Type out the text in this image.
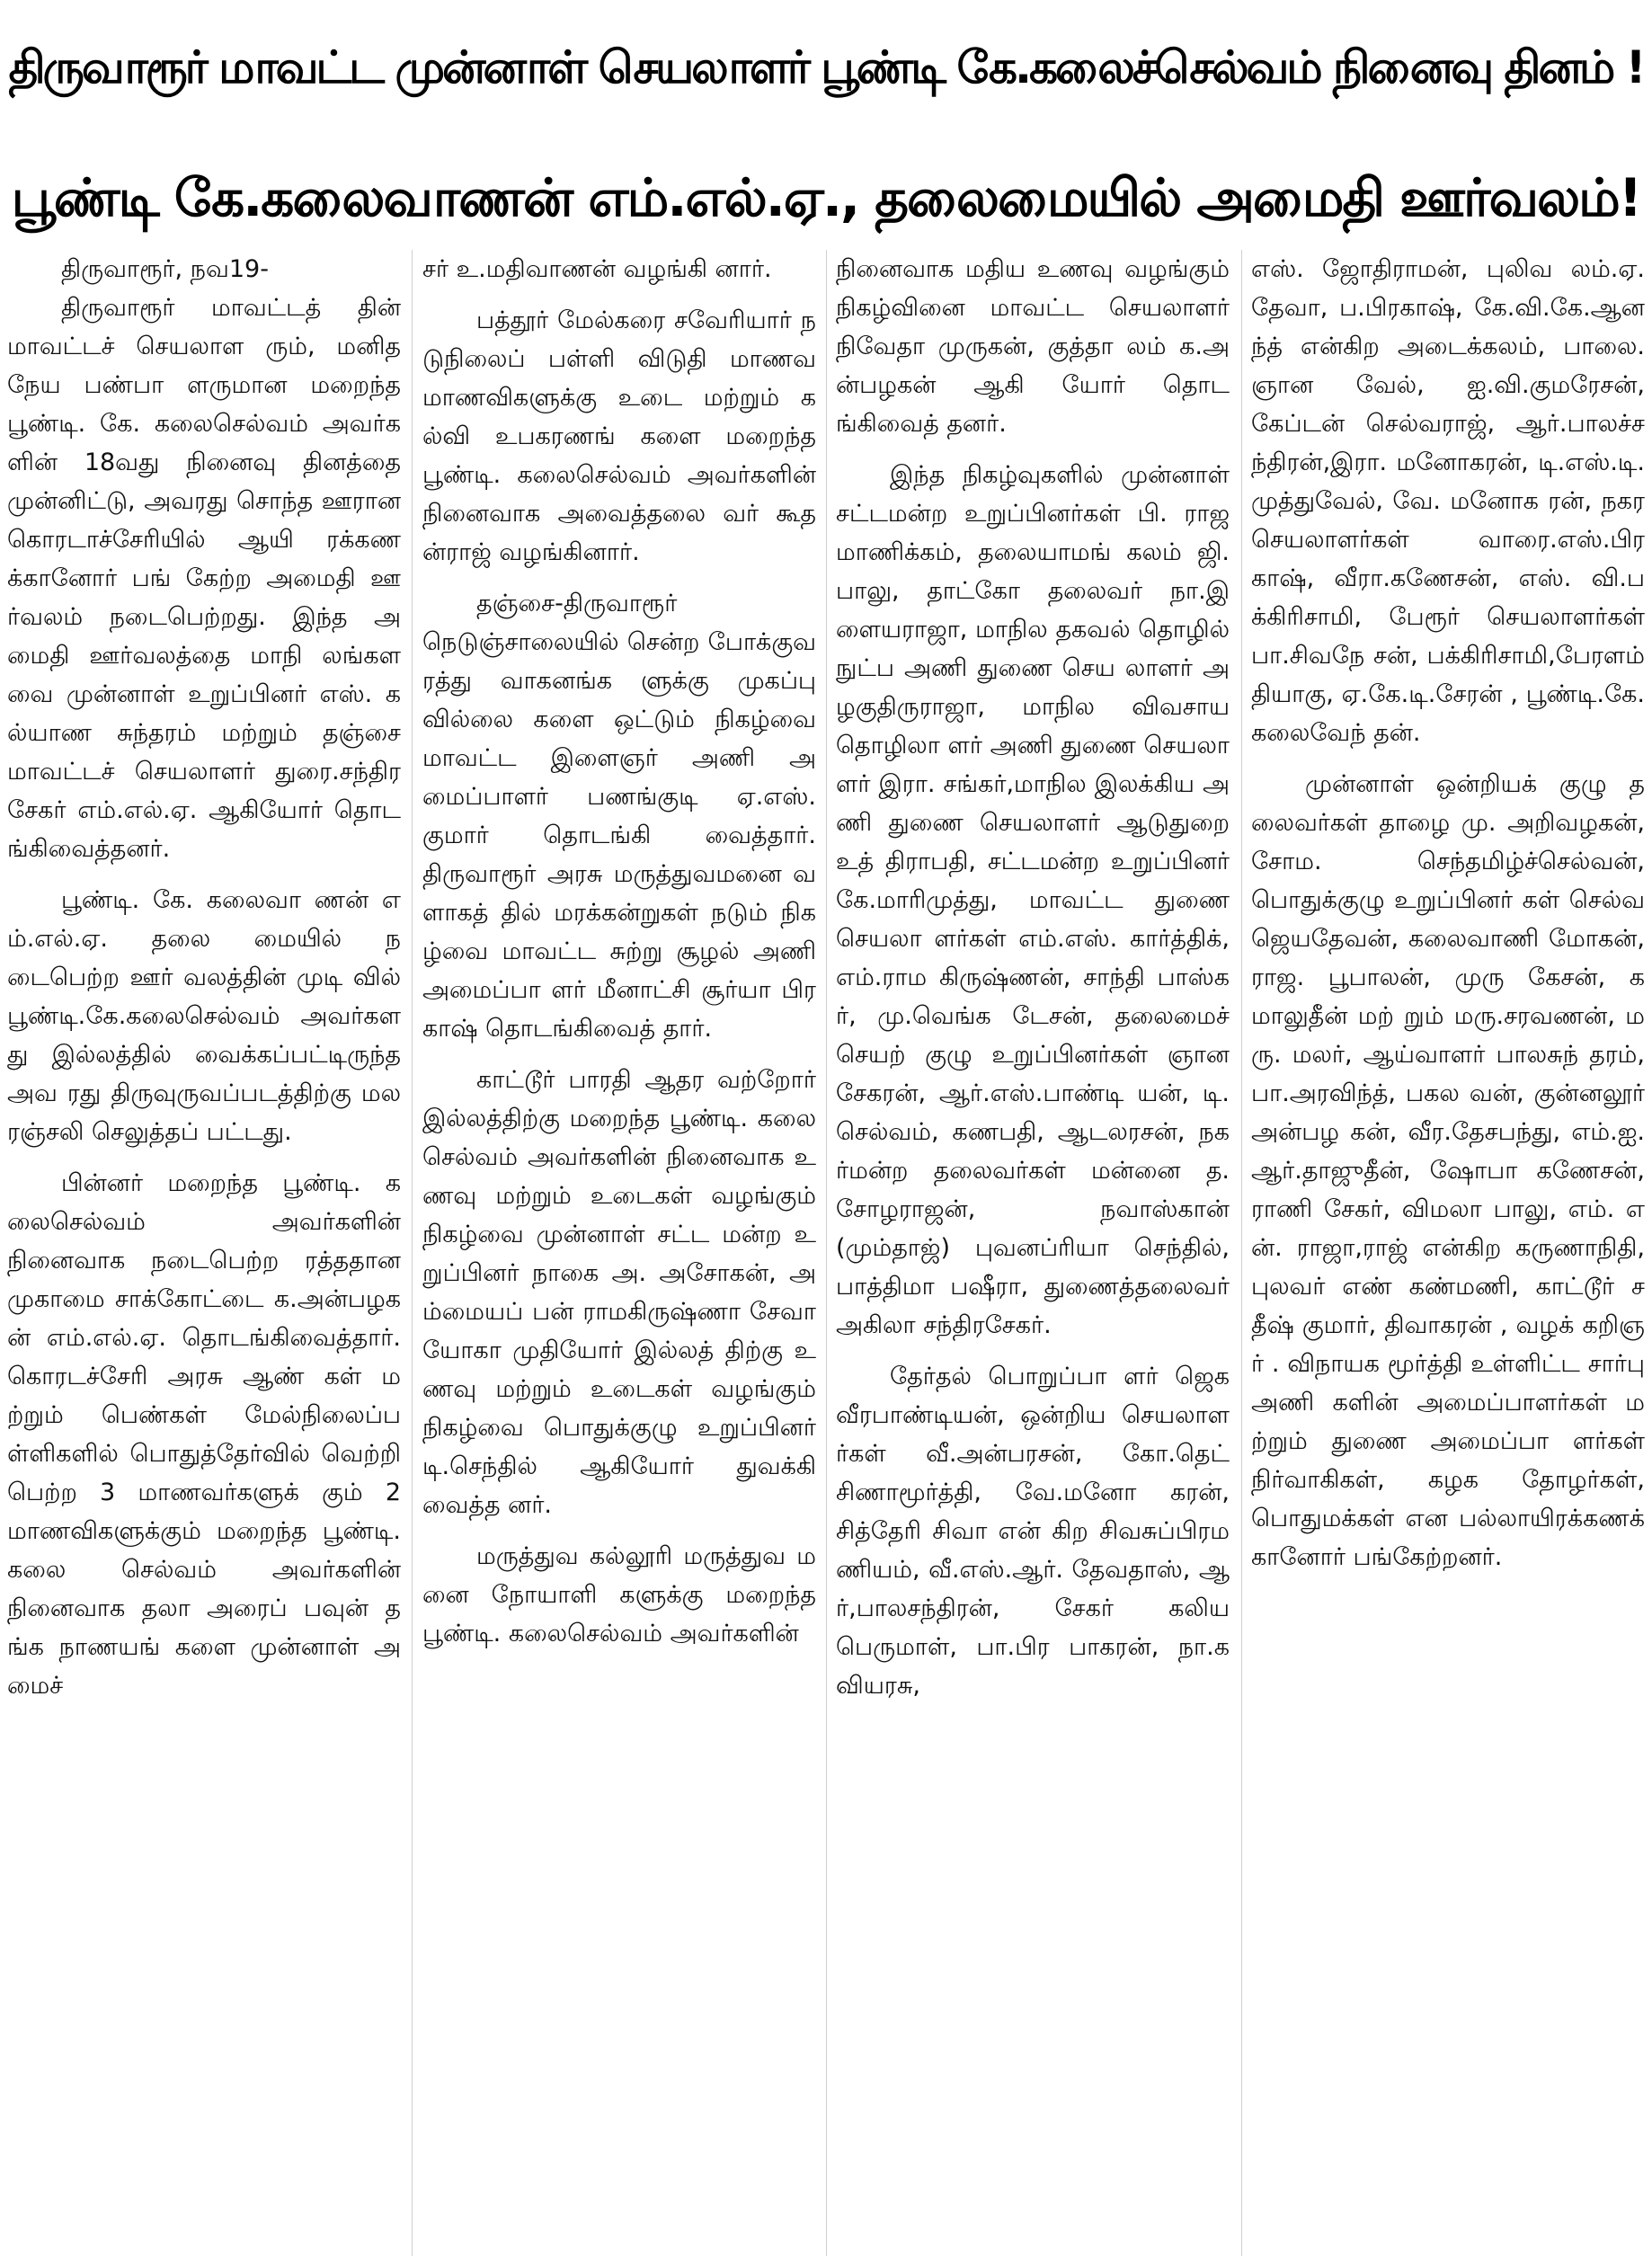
திருவாரூர் மாவட்ட முன்னாள் செயலாளர் பூண்டி கே.கலைச்செல்வம் நினைவு தினம் !
பூண்டி கே.கலைவாணன் எம்.எல்.ஏ., தலைமையில் அமைதி ஊர்வலம்!

திருவாரூர், நவ19-

திருவாரூர் மாவட்டத் தின் மாவட்டச் செயலாள ரும், மனித நேய பண்பா ளருமான மறைந்த பூண்டி. கே. கலைசெல்வம் அவர்க ளின் 18வது நினைவு தினத்தை முன்னிட்டு, அவரது சொந்த ஊரான கொரடாச்சேரியில் ஆயி ரக்கணக்கானோர் பங் கேற்ற அமைதி ஊர்வலம் நடைபெற்றது. இந்த அமைதி ஊர்வலத்தை மாநி லங்களவை முன்னாள் உறுப்பினர் எஸ். கல்யாண சுந்தரம் மற்றும் தஞ்சை மாவட்டச் செயலாளர் துரை.சந்திரசேகர் எம்.எல்.ஏ. ஆகியோர் தொடங்கிவைத்தனர்.

பூண்டி. கே. கலைவா ணன் எம்.எல்.ஏ. தலை மையில் நடைபெற்ற ஊர் வலத்தின் முடி வில் பூண்டி.கே.கலைசெல்வம் அவர்களது இல்லத்தில் வைக்கப்பட்டிருந்த அவ ரது திருவுருவப்படத்திற்கு மலரஞ்சலி செலுத்தப் பட்டது.

பின்னர் மறைந்த பூண்டி. கலைசெல்வம் அவர்களின் நினைவாக நடைபெற்ற ரத்ததான முகாமை சாக்கோட்டை க.அன்பழகன் எம்.எல்.ஏ. தொடங்கிவைத்தார். கொரடச்சேரி அரசு ஆண் கள் மற்றும் பெண்கள் மேல்நிலைப்பள்ளிகளில் பொதுத்தேர்வில் வெற்றி பெற்ற 3 மாணவர்களுக் கும் 2 மாணவிகளுக்கும் மறைந்த பூண்டி. கலை செல்வம் அவர்களின் நினைவாக தலா அரைப் பவுன் தங்க நாணயங் களை முன்னாள் அமைச்

சர் உ.மதிவாணன் வழங்கி னார்.

பத்தூர் மேல்கரை சவேரியார் நடுநிலைப் பள்ளி விடுதி மாணவ மாணவிகளுக்கு உடை மற்றும் கல்வி உபகரணங் களை மறைந்த பூண்டி. கலைசெல்வம் அவர்களின் நினைவாக அவைத்தலை வர் கூதன்ராஜ் வழங்கினார்.

தஞ்சை-திருவாரூர் நெடுஞ்சாலையில் சென்ற போக்குவரத்து வாகனங்க ளுக்கு முகப்பு வில்லை களை ஒட்டும் நிகழ்வை மாவட்ட இளைஞர் அணி அமைப்பாளர் பணங்குடி ஏ.எஸ்.குமார் தொடங்கி வைத்தார். திருவாரூர் அரசு மருத்துவமனை வளாகத் தில் மரக்கன்றுகள் நடும் நிகழ்வை மாவட்ட சுற்று சூழல் அணி அமைப்பா ளர் மீனாட்சி சூர்யா பிர காஷ் தொடங்கிவைத் தார்.

காட்டூர் பாரதி ஆதர வற்றோர் இல்லத்திற்கு மறைந்த பூண்டி. கலை செல்வம் அவர்களின் நினைவாக உணவு மற்றும் உடைகள் வழங்கும் நிகழ்வை முன்னாள் சட்ட மன்ற உறுப்பினர் நாகை அ. அசோகன், அம்மையப் பன் ராமகிருஷ்ணா சேவா யோகா முதியோர் இல்லத் திற்கு உணவு மற்றும் உடைகள் வழங்கும் நிகழ்வை பொதுக்குழு உறுப்பினர் டி.செந்தில் ஆகியோர் துவக்கி வைத்த னர்.

மருத்துவ கல்லூரி மருத்துவ மனை நோயாளி களுக்கு மறைந்த பூண்டி. கலைசெல்வம் அவர்களின்

நினைவாக மதிய உணவு வழங்கும் நிகழ்வினை மாவட்ட செயலாளர் நிவேதா முருகன், குத்தா லம் க.அன்பழகன் ஆகி யோர் தொடங்கிவைத் தனர்.

இந்த நிகழ்வுகளில் முன்னாள் சட்டமன்ற உறுப்பினர்கள் பி. ராஜ மாணிக்கம், தலையாமங் கலம் ஜி. பாலு, தாட்கோ தலைவர் நா.இளையராஜா, மாநில தகவல் தொழில் நுட்ப அணி துணை செய லாளர் அழகுதிருராஜா, மாநில விவசாய தொழிலா ளர் அணி துணை செயலா ளர் இரா. சங்கர்,மாநில இலக்கிய அணி துணை செயலாளர் ஆடுதுறை உத் திராபதி, சட்டமன்ற உறுப்பினர் கே.மாரிமுத்து, மாவட்ட துணை செயலா ளர்கள் எம்.எஸ். கார்த்திக், எம்.ராம கிருஷ்ணன், சாந்தி பாஸ்கர், மு.வெங்க டேசன், தலைமைச் செயற் குழு உறுப்பினர்கள் ஞான சேகரன், ஆர்.எஸ்.பாண்டி யன், டி.செல்வம், கணபதி, ஆடலரசன், நகர்மன்ற தலைவர்கள் மன்னை த. சோழராஜன், நவாஸ்கான் (மும்தாஜ்) புவனப்ரியா செந்தில், பாத்திமா பஷீரா, துணைத்தலைவர் அகிலா சந்திரசேகர்.

தேர்தல் பொறுப்பா ளர் ஜெகவீரபாண்டியன், ஒன்றிய செயலாளர்கள் வீ.அன்பரசன், கோ.தெட் சிணாமூர்த்தி, வே.மனோ கரன், சித்தேரி சிவா என் கிற சிவசுப்பிரமணியம், வீ.எஸ்.ஆர். தேவதாஸ், ஆர்,பாலசந்திரன், சேகர் கலியபெருமாள், பா.பிர பாகரன், நா.கவியரசு,

எஸ். ஜோதிராமன், புலிவ லம்.ஏ.தேவா, ப.பிரகாஷ், கே.வி.கே.ஆனந்த் என்கிற அடைக்கலம், பாலை. ஞான வேல், ஐ.வி.குமரேசன், கேப்டன் செல்வராஜ், ஆர்.பாலச்சந்திரன்,இரா. மனோகரன், டி.எஸ்.டி. முத்துவேல், வே. மனோக ரன், நகர செயலாளர்கள் வாரை.எஸ்.பிரகாஷ், வீரா.கணேசன், எஸ். வி.பக்கிரிசாமி, பேரூர் செயலாளர்கள் பா.சிவநே சன், பக்கிரிசாமி,பேரளம் தியாகு, ஏ.கே.டி.சேரன் , பூண்டி.கே. கலைவேந் தன்.

முன்னாள் ஒன்றியக் குழு தலைவர்கள் தாழை மு. அறிவழகன், சோம. செந்தமிழ்ச்செல்வன், பொதுக்குழு உறுப்பினர் கள் செல்வ ஜெயதேவன், கலைவாணி மோகன், ராஜ. பூபாலன், முரு கேசன், கமாலுதீன் மற் றும் மரு.சரவணன், மரு. மலர், ஆய்வாளர் பாலசுந் தரம், பா.அரவிந்த், பகல வன், குன்னலூர் அன்பழ கன், வீர.தேசபந்து, எம்.ஐ.ஆர்.தாஜுதீன், ஷோபா கணேசன், ராணி சேகர், விமலா பாலு, எம். என். ராஜா,ராஜ் என்கிற கருணாநிதி, புலவர் எண் கண்மணி, காட்டூர் சதீஷ் குமார், திவாகரன் , வழக் கறிஞர் . விநாயக மூர்த்தி உள்ளிட்ட சார்பு அணி களின் அமைப்பாளர்கள் மற்றும் துணை அமைப்பா ளர்கள் நிர்வாகிகள், கழக தோழர்கள், பொதுமக்கள் என பல்லாயிரக்கணக் கானோர் பங்கேற்றனர்.
